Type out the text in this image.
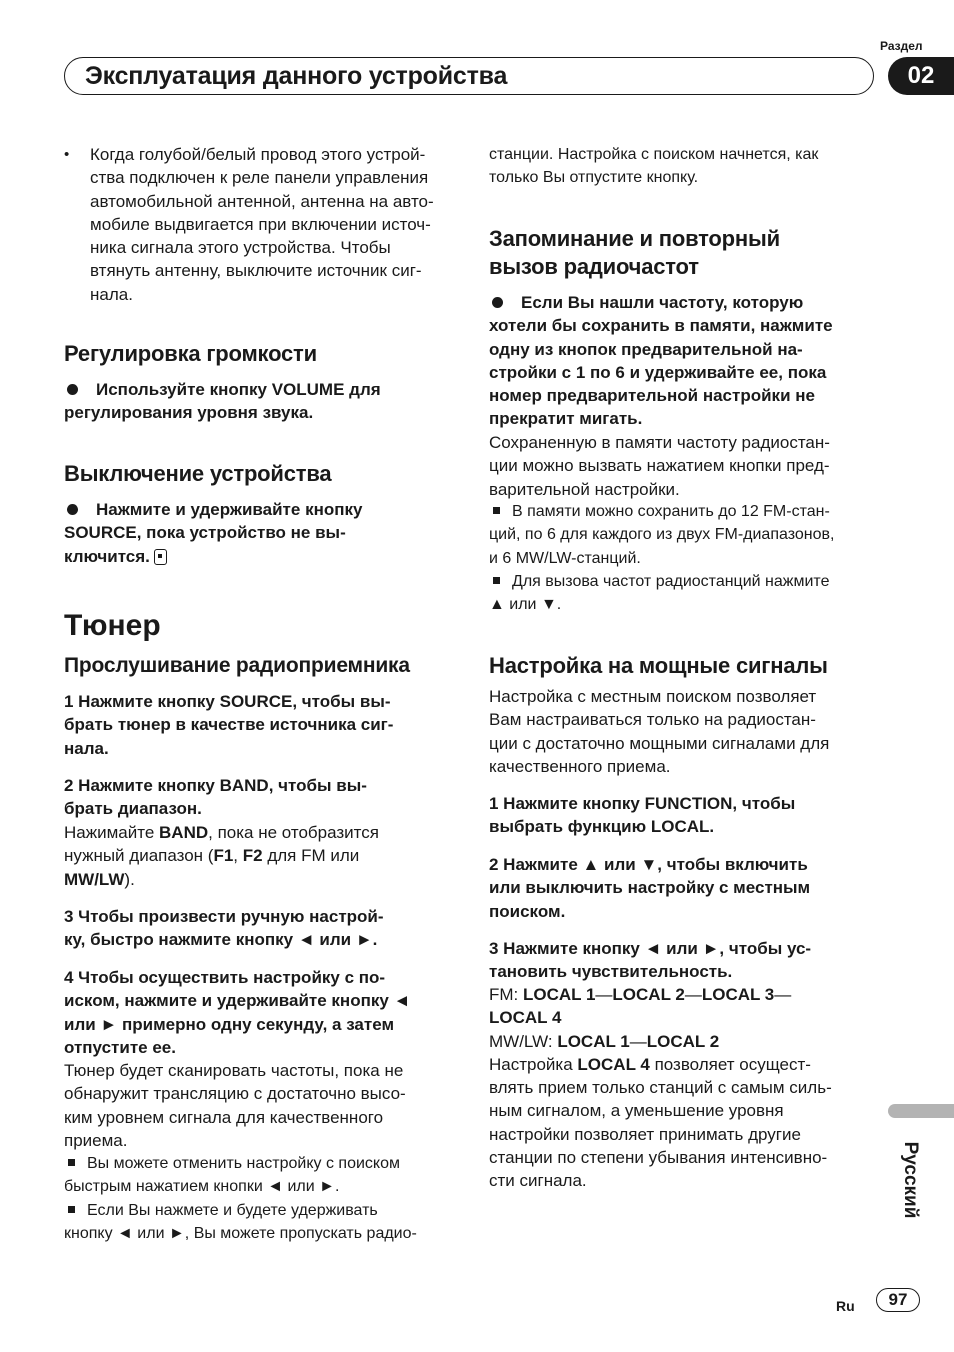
Раздел
Эксплуатация данного устройства	02
•	Когда голубой/белый провод этого устрой-

ства подключен к реле панели управления

автомобильной антенной, антенна на авто-

мобиле выдвигается при включении источ-

ника сигнала этого устройства. Чтобы

втянуть антенну, выключите источник сиг-

нала.

Регулировка громкости

Используйте кнопку VOLUME для

регулирования уровня звука.

Выключение устройства

Нажмите и удерживайте кнопку

SOURCE, пока устройство не вы-

ключится.

Тюнер
Прослушивание радиоприемника

1 Нажмите кнопку SOURCE, чтобы вы-

брать тюнер в качестве источника сиг-

нала.

2 Нажмите кнопку BAND, чтобы вы-

брать диапазон.

Нажимайте BAND, пока не отобразится

нужный диапазон (F1, F2 для FM или

MW/LW).

3 Чтобы произвести ручную настрой-

ку, быстро нажмите кнопку ◄ или ►.

4 Чтобы осуществить настройку с по-

иском, нажмите и удерживайте кнопку ◄

или ► примерно одну секунду, а затем

отпустите ее.

Тюнер будет сканировать частоты, пока не

обнаружит трансляцию с достаточно высо-

ким уровнем сигнала для качественного

приема.

Вы можете отменить настройку с поиском

быстрым нажатием кнопки ◄ или ►.

Если Вы нажмете и будете удерживать

кнопку ◄ или ►, Вы можете пропускать радио-

станции. Настройка с поиском начнется, как

только Вы отпустите кнопку.

Запоминание и повторный
вызов радиочастот

Если Вы нашли частоту, которую

хотели бы сохранить в памяти, нажмите

одну из кнопок предварительной на-

стройки с 1 по 6 и удерживайте ее, пока

номер предварительной настройки не

прекратит мигать.

Сохраненную в памяти частоту радиостан-

ции можно вызвать нажатием кнопки пред-

варительной настройки.

В памяти можно сохранить до 12 FM-стан-

ций, по 6 для каждого из двух FM-диапазонов,

и 6 MW/LW-станций.

Для вызова частот радиостанций нажмите

▲ или ▼.

Настройка на мощные сигналы

Настройка с местным поиском позволяет

Вам настраиваться только на радиостан-

ции с достаточно мощными сигналами для

качественного приема.

1 Нажмите кнопку FUNCTION, чтобы

выбрать функцию LOCAL.

2 Нажмите ▲ или ▼, чтобы включить

или выключить настройку с местным

поиском.

3 Нажмите кнопку ◄ или ►, чтобы ус-

тановить чувствительность.

FM: LOCAL 1—LOCAL 2—LOCAL 3—

LOCAL 4

MW/LW: LOCAL 1—LOCAL 2

Настройка LOCAL 4 позволяет осущест-

влять прием только станций с самым силь-

ным сигналом, а уменьшение уровня

настройки позволяет принимать другие

станции по степени убывания интенсивно-

сти сигнала.	Русский
Ru	97
